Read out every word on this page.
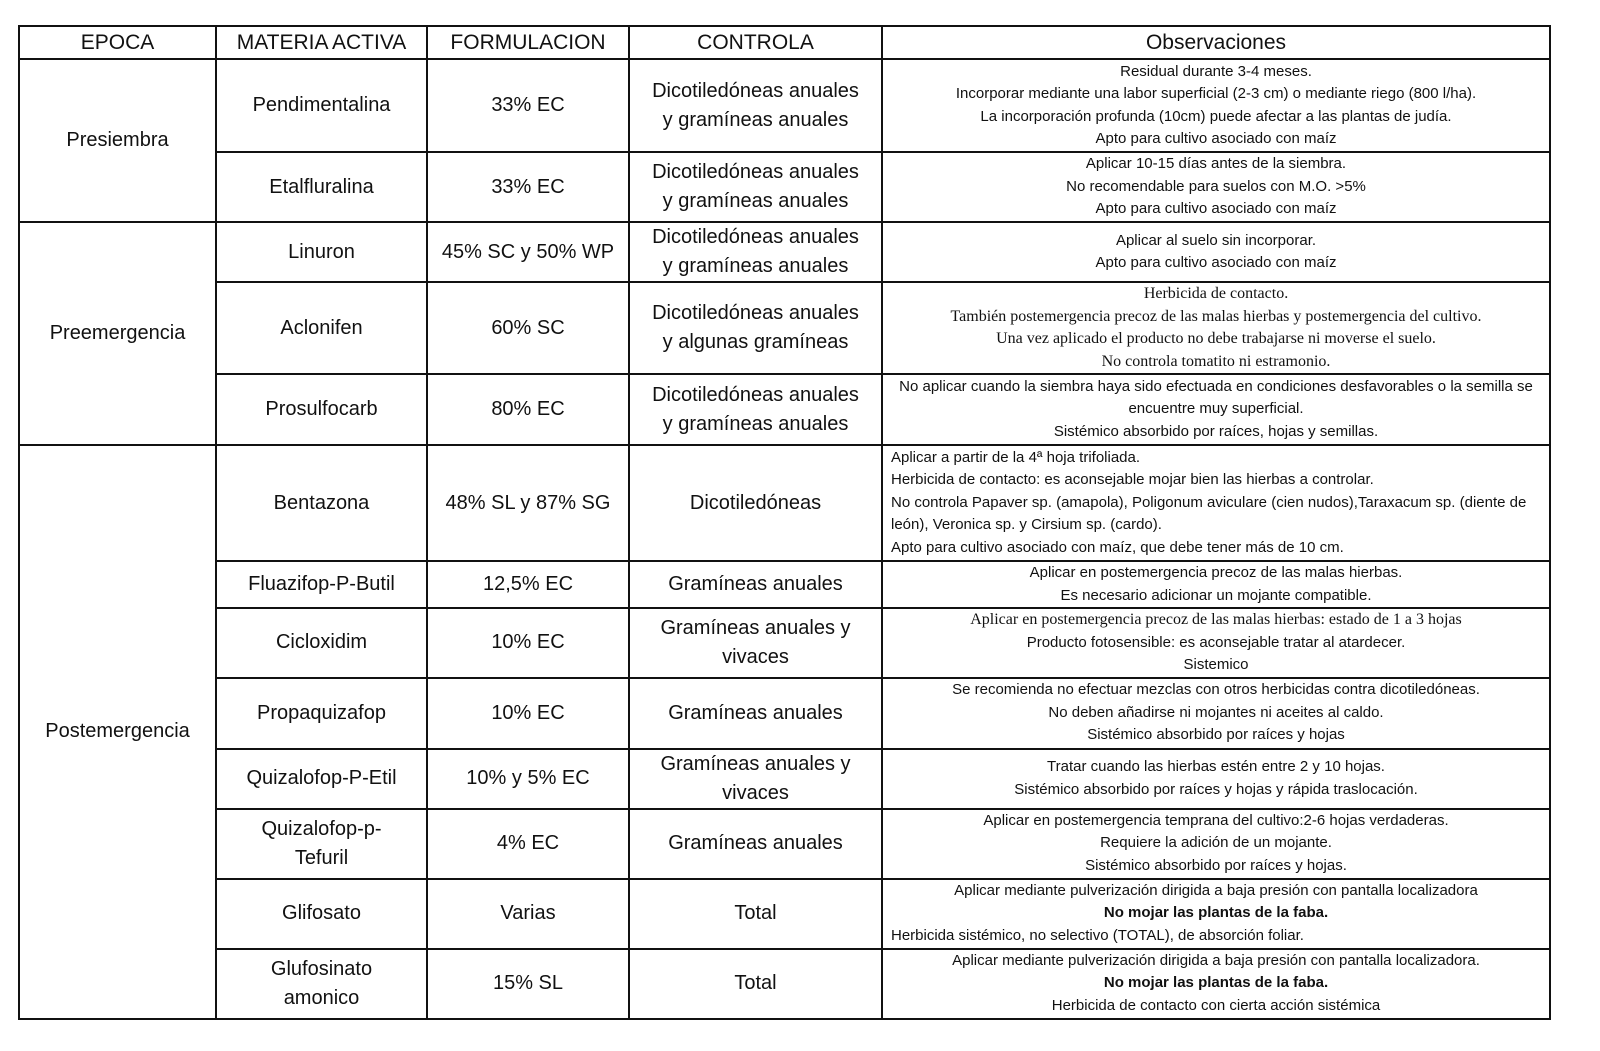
EPOCA	MATERIA ACTIVA	FORMULACION	CONTROLA	Observaciones
Presiembra	Pendimentalina	33% EC	Dicotiledóneas anuales
y gramíneas anuales	Residual durante 3-4 meses.
Incorporar mediante una labor superficial (2-3 cm) o mediante riego (800 l/ha).
La incorporación profunda (10cm) puede afectar a las plantas de judía.
Apto para cultivo asociado con maíz

	Etalfluralina	33% EC	Dicotiledóneas anuales
y gramíneas anuales	Aplicar 10-15 días antes de la siembra.
No recomendable para suelos con M.O. >5%
Apto para cultivo asociado con maíz

Preemergencia	Linuron	45% SC y 50% WP	Dicotiledóneas anuales
y gramíneas anuales	Aplicar al suelo sin incorporar.
Apto para cultivo asociado con maíz

	Aclonifen	60% SC	Dicotiledóneas anuales
y algunas gramíneas	Herbicida de contacto.
También postemergencia precoz de las malas hierbas y postemergencia del cultivo.
Una vez aplicado el producto no debe trabajarse ni moverse el suelo.
No controla tomatito ni estramonio.

	Prosulfocarb	80% EC	Dicotiledóneas anuales
y gramíneas anuales	No aplicar cuando la siembra haya sido efectuada en condiciones desfavorables o la semilla se encuentre muy superficial.
Sistémico absorbido por raíces, hojas y semillas.

Postemergencia	Bentazona	48% SL y 87% SG	Dicotiledóneas	Aplicar a partir de la 4ª hoja trifoliada.
Herbicida de contacto: es aconsejable mojar bien las hierbas a controlar.
No controla Papaver sp. (amapola), Poligonum aviculare (cien nudos),Taraxacum sp. (diente de león), Veronica sp. y Cirsium sp. (cardo).
Apto para cultivo asociado con maíz, que debe tener más de 10 cm.

	Fluazifop-P-Butil	12,5% EC	Gramíneas anuales	Aplicar en postemergencia precoz de las malas hierbas.
Es necesario adicionar un mojante compatible.

	Cicloxidim	10% EC	Gramíneas anuales y
vivaces	Aplicar en postemergencia precoz de las malas hierbas: estado de 1 a 3 hojas
Producto fotosensible: es aconsejable tratar al atardecer.
Sistemico

	Propaquizafop	10% EC	Gramíneas anuales	Se recomienda no efectuar mezclas con otros herbicidas contra dicotiledóneas.
No deben añadirse ni mojantes ni aceites al caldo.
Sistémico absorbido por raíces y hojas

	Quizalofop-P-Etil	10% y 5% EC	Gramíneas anuales y
vivaces	Tratar cuando las hierbas estén entre 2 y 10 hojas.
Sistémico absorbido por raíces y hojas y rápida traslocación.

	Quizalofop-p-
Tefuril	4% EC	Gramíneas anuales	Aplicar en postemergencia temprana del cultivo:2-6 hojas verdaderas.
Requiere la adición de un mojante.
Sistémico absorbido por raíces y hojas.

	Glifosato	Varias	Total	Aplicar mediante pulverización dirigida a baja presión con pantalla localizadora
No mojar las plantas de la faba.
Herbicida sistémico, no selectivo (TOTAL), de absorción foliar.

	Glufosinato
amonico	15% SL	Total	Aplicar mediante pulverización dirigida a baja presión con pantalla localizadora.
No mojar las plantas de la faba.
Herbicida de contacto con cierta acción sistémica
